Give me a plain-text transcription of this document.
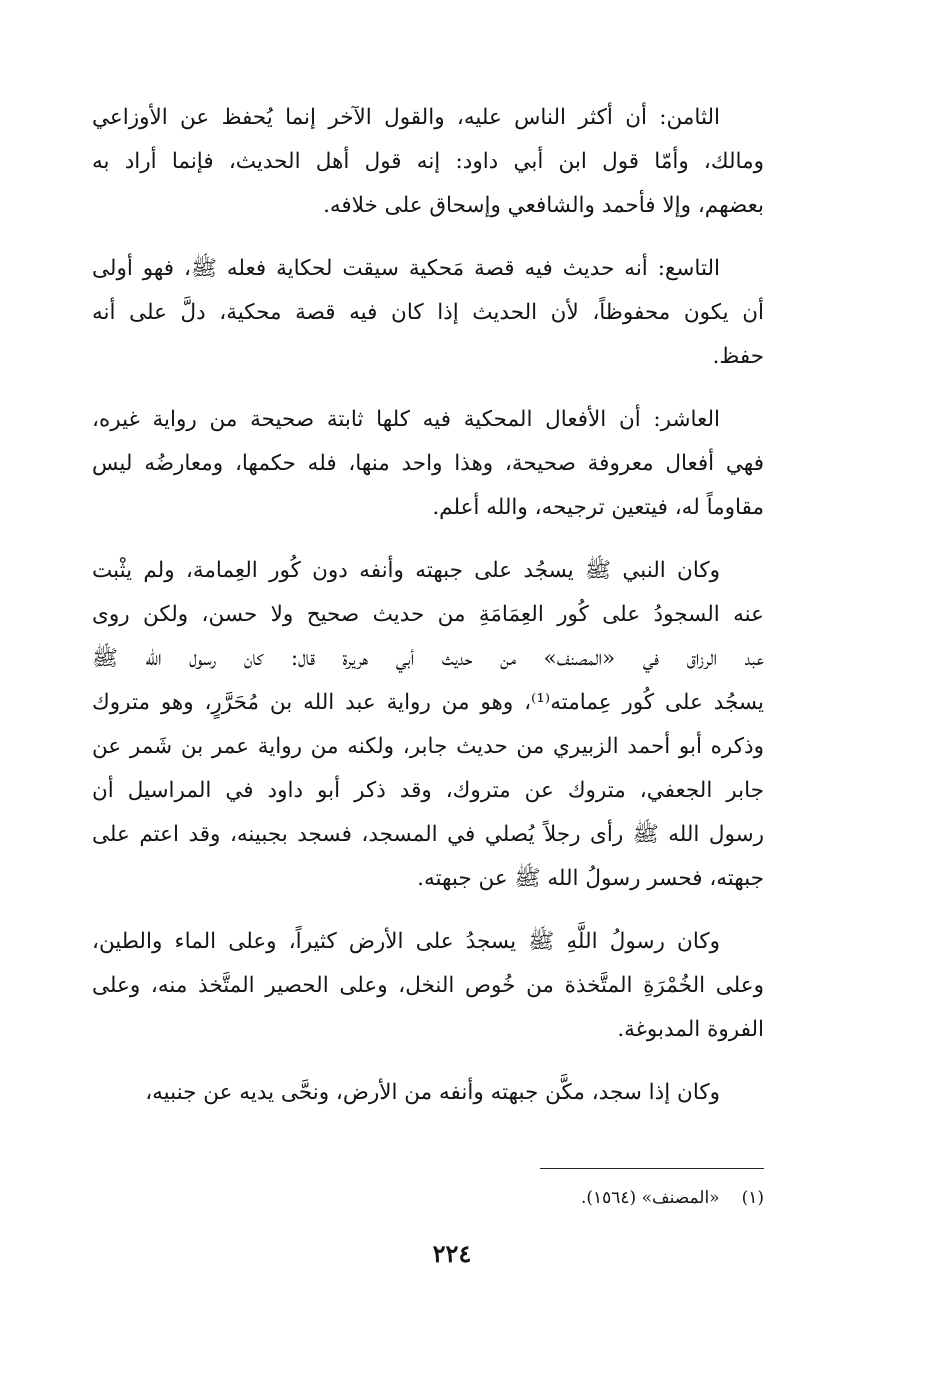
الثامن: أن أكثر الناس عليه، والقول الآخر إنما يُحفظ عن الأوزاعي
ومالك، وأمّا قول ابن أبي داود: إنه قول أهل الحديث، فإنما أراد به
بعضهم، وإلا فأحمد والشافعي وإسحاق على خلافه.
التاسع: أنه حديث فيه قصة مَحكية سيقت لحكاية فعله ﷺ، فهو أولى
أن يكون محفوظاً، لأن الحديث إذا كان فيه قصة محكية، دلَّ على أنه
حفظ.
العاشر: أن الأفعال المحكية فيه كلها ثابتة صحيحة من رواية غيره،
فهي أفعال معروفة صحيحة، وهذا واحد منها، فله حكمها، ومعارضُه ليس
مقاوماً له، فيتعين ترجيحه، والله أعلم.
وكان النبي ﷺ يسجُد على جبهته وأنفه دون كُور العِمامة، ولم يثْبت
عنه السجودُ على كُور العِمَامَةِ من حديث صحيح ولا حسن، ولكن روى
عبد الرزاق في «المصنف» من حديث أبي هريرة قال: كان رسول الله ﷺ
يسجُد على كُور عِمامته⁽¹⁾، وهو من رواية عبد الله بن مُحَرَّرٍ، وهو متروك
وذكره أبو أحمد الزبيري من حديث جابر، ولكنه من رواية عمر بن شَمر عن
جابر الجعفي، متروك عن متروك، وقد ذكر أبو داود في المراسيل أن
رسول الله ﷺ رأى رجلاً يُصلي في المسجد، فسجد بجبينه، وقد اعتم على
جبهته، فحسر رسولُ الله ﷺ عن جبهته.
وكان رسولُ اللَّهِ ﷺ يسجدُ على الأرض كثيراً، وعلى الماء والطين،
وعلى الخُمْرَةِ المتَّخذة من خُوص النخل، وعلى الحصير المتَّخذ منه، وعلى
الفروة المدبوغة.
وكان إذا سجد، مكَّن جبهته وأنفه من الأرض، ونحَّى يديه عن جنبيه،
(١)«المصنف» (١٥٦٤).
٢٢٤
